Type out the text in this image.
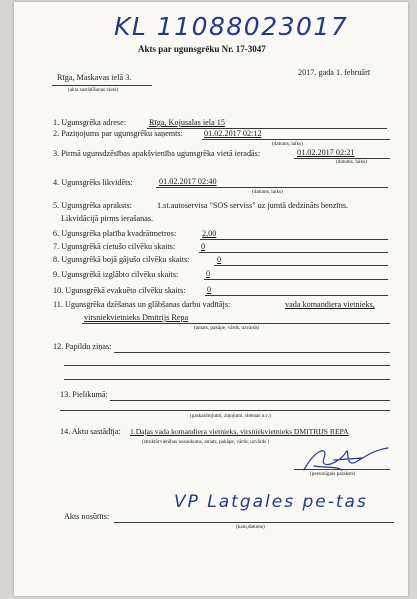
KL 11088023017
Akts par ugunsgrēku Nr. 17-3047
Rīga, Maskavas ielā 3.
(akta sastādīšanas vieta)
2017. gada 1. februārī
1. Ugunsgrēka adrese:	Rīga, Kojusalas iela 15
2. Paziņojums par ugunsgrēku saņemts:	01.02.2017 02:12
(datums, laiks)
3. Pirmā ugunsdzēsības apakšvienība ugunsgrēka vietā ieradās:	01.02.2017 02:21
(datums, laiks)
4. Ugunsgrēks likvidēts:	01.02.2017 02:40
(datums, laiks)
5. Ugunsgrēka apraksts:	1.st.autoservisa "SOS serviss" uz jumtā dedzināts benzīns.
Likvidācijā pirms ierašanas.
6. Ugunsgrēka platība kvadrātmetros:	2,00
7. Ugunsgrēkā cietušo cilvēku skaits:	0
8. Ugunsgrēkā bojā gājušo cilvēku skaits:	0
9. Ugunsgrēkā izglābto cilvēku skaits:	0
10. Ugunsgrēkā evakuēto cilvēku skaits:	0
11. Ugunsgrēka dzēšanas un glābšanas darbu vadītājs:	vada komandiera vietnieks,
virsniekvietnieks Dmitrijs Repa
(amats, pakāpe, vārds, uzvārds)
12. Papildu ziņas:
13. Pielikumā:
(paskaidrojumi, ziņojumi, shēmas u.c.)
14. Aktu sastādīja: 1.Daļas vada komandiera vietnieks, virsniekvietnieks DMITRIJS REPA
(struktūrvienības nosaukums, amats, pakāpe, vārds, uzvārds )
(personīgais paraksts)
Akts nosūtīts:
VP Latgales pe-tas
(kam,datums)
